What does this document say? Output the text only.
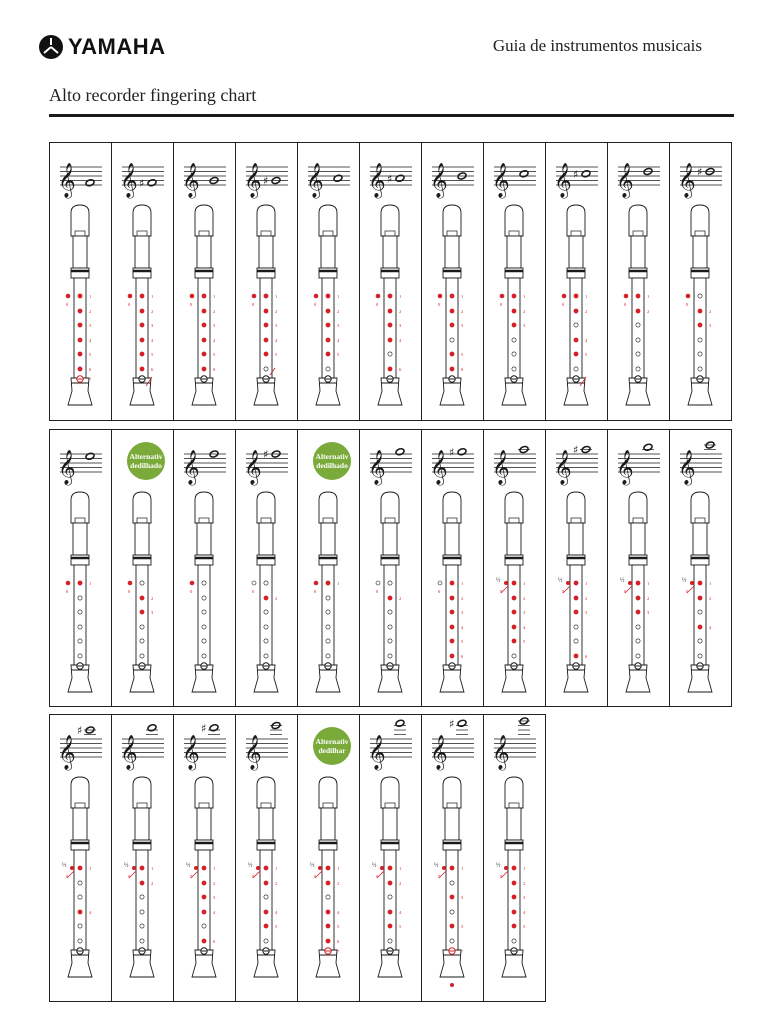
YAMAHA	Guia de instrumentos musicais
Alto recorder fingering chart
𝄞
0
1
2
3
4
5
6
7
𝄞 ♯
0
1
2
3
4
5
6
𝄞
0
1
2
3
4
5
6
𝄞 ♯
0
1
2
3
4
5
𝄞
0
1
2
3
4
5
𝄞 ♯
0
1
2
3
4
6
𝄞
0
1
2
3
5
6
𝄞
0
1
2
3
𝄞 ♯
0
1
2
4
5
𝄞
0
1
2
𝄞 ♯
0
2
3
𝄞
0
1
0
2
3
Alternativ
dedilhado 𝄞
0
𝄞 ♯
0
2
0
1
Alternativ
dedilhado 𝄞
0
2
𝄞 ♯
0
1
2
3
4
5
6
𝄞
½
0
1
2
3
4
5
𝄞 ♯
½
0
1
2
3
6
𝄞
½
0
1
2
3
𝄞
½
0
1
2
4
𝄞
♯
½
0
1
4
𝄞
½
0
1
2
𝄞
♯
½
0
1
2
3
4
6
𝄞
½
0
1
2
4
5
½
0
1
2
4
5
6
7
Alternativ
dedilhar 𝄞
½
0
1
2
4
5
𝄞
♯
½
0
1
3
5
7
𝄞
½
0
1
2
3
4
5
